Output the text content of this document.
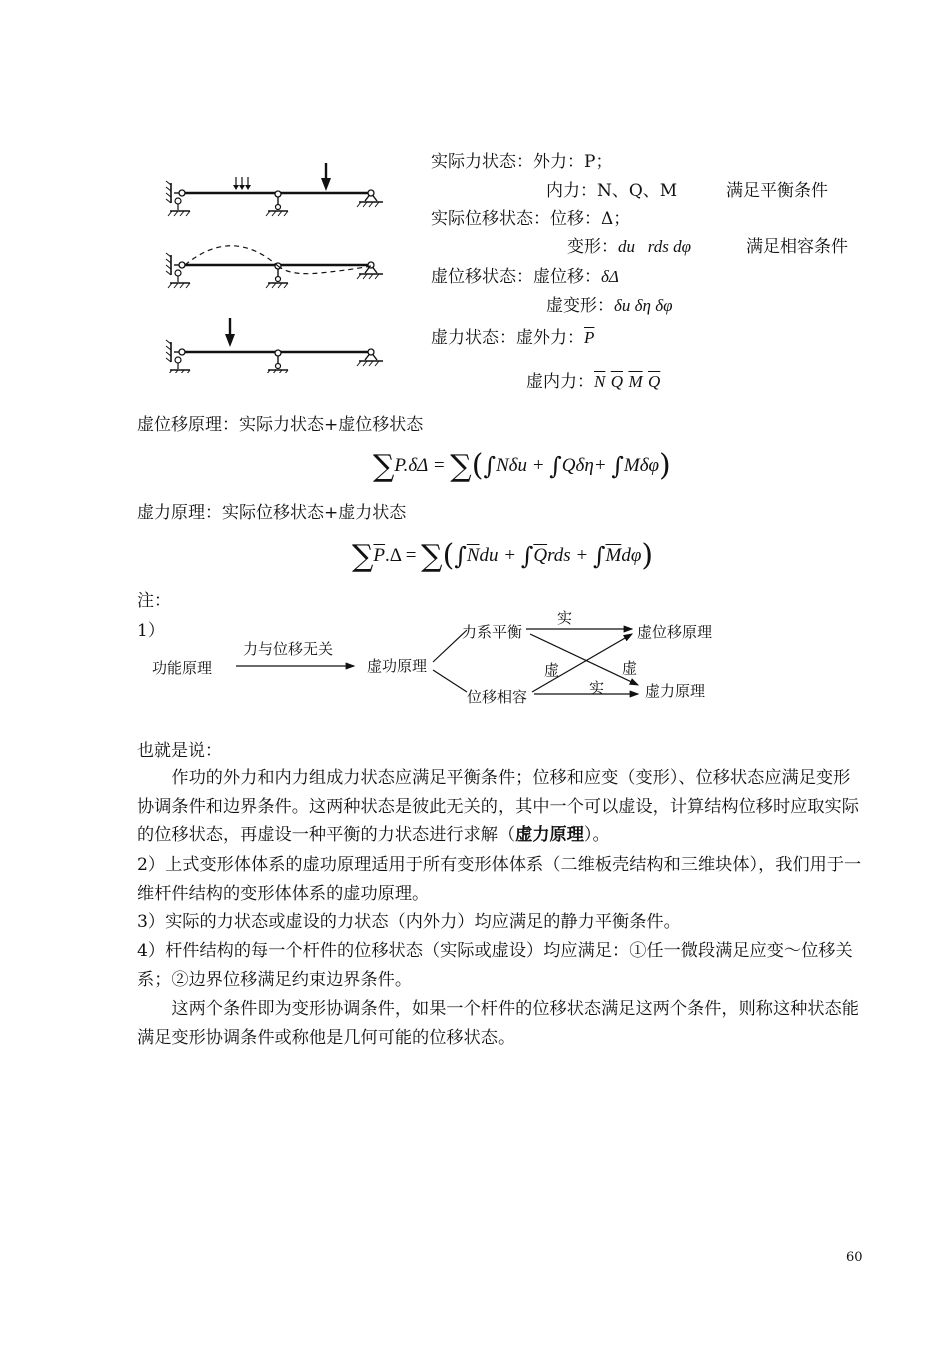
实际力状态：外力：P；
内力：N、Q、M	满足平衡条件
实际位移状态：位移：Δ；
变形：du   rds dφ	满足相容条件
虚位移状态：虚位移：δΔ
虚变形：δu δη δφ
虚力状态：虚外力：$\overline{P}$
虚内力：$\overline{N}$ $\overline{Q}$ $\overline{M}$ $\overline{Q}$
虚位移原理：实际力状态+虚位移状态
∑P.δΔ = ∑(∫Nδu + ∫Qδη+ ∫Mδφ)
虚力原理：实际位移状态+虚力状态
$\sum\overline{P}.\Delta = \sum(\int\overline{N}du + \int\overline{Q}rds + \int\overline{M}d\varphi)$
注：
1）
功能原理
力与位移无关
虚功原理
力系平衡
位移相容
实
虚	虚
实
虚位移原理
虚力原理
也就是说：
作功的外力和内力组成力状态应满足平衡条件；位移和应变（变形）、位移状态应满足变形协调条件和边界条件。这两种状态是彼此无关的，其中一个可以虚设，计算结构位移时应取实际的位移状态，再虚设一种平衡的力状态进行求解（虚力原理）。
2）上式变形体体系的虚功原理适用于所有变形体体系（二维板壳结构和三维块体），我们用于一维杆件结构的变形体体系的虚功原理。
3）实际的力状态或虚设的力状态（内外力）均应满足的静力平衡条件。
4）杆件结构的每一个杆件的位移状态（实际或虚设）均应满足：①任一微段满足应变～位移关系；②边界位移满足约束边界条件。
这两个条件即为变形协调条件，如果一个杆件的位移状态满足这两个条件，则称这种状态能满足变形协调条件或称他是几何可能的位移状态。
60
